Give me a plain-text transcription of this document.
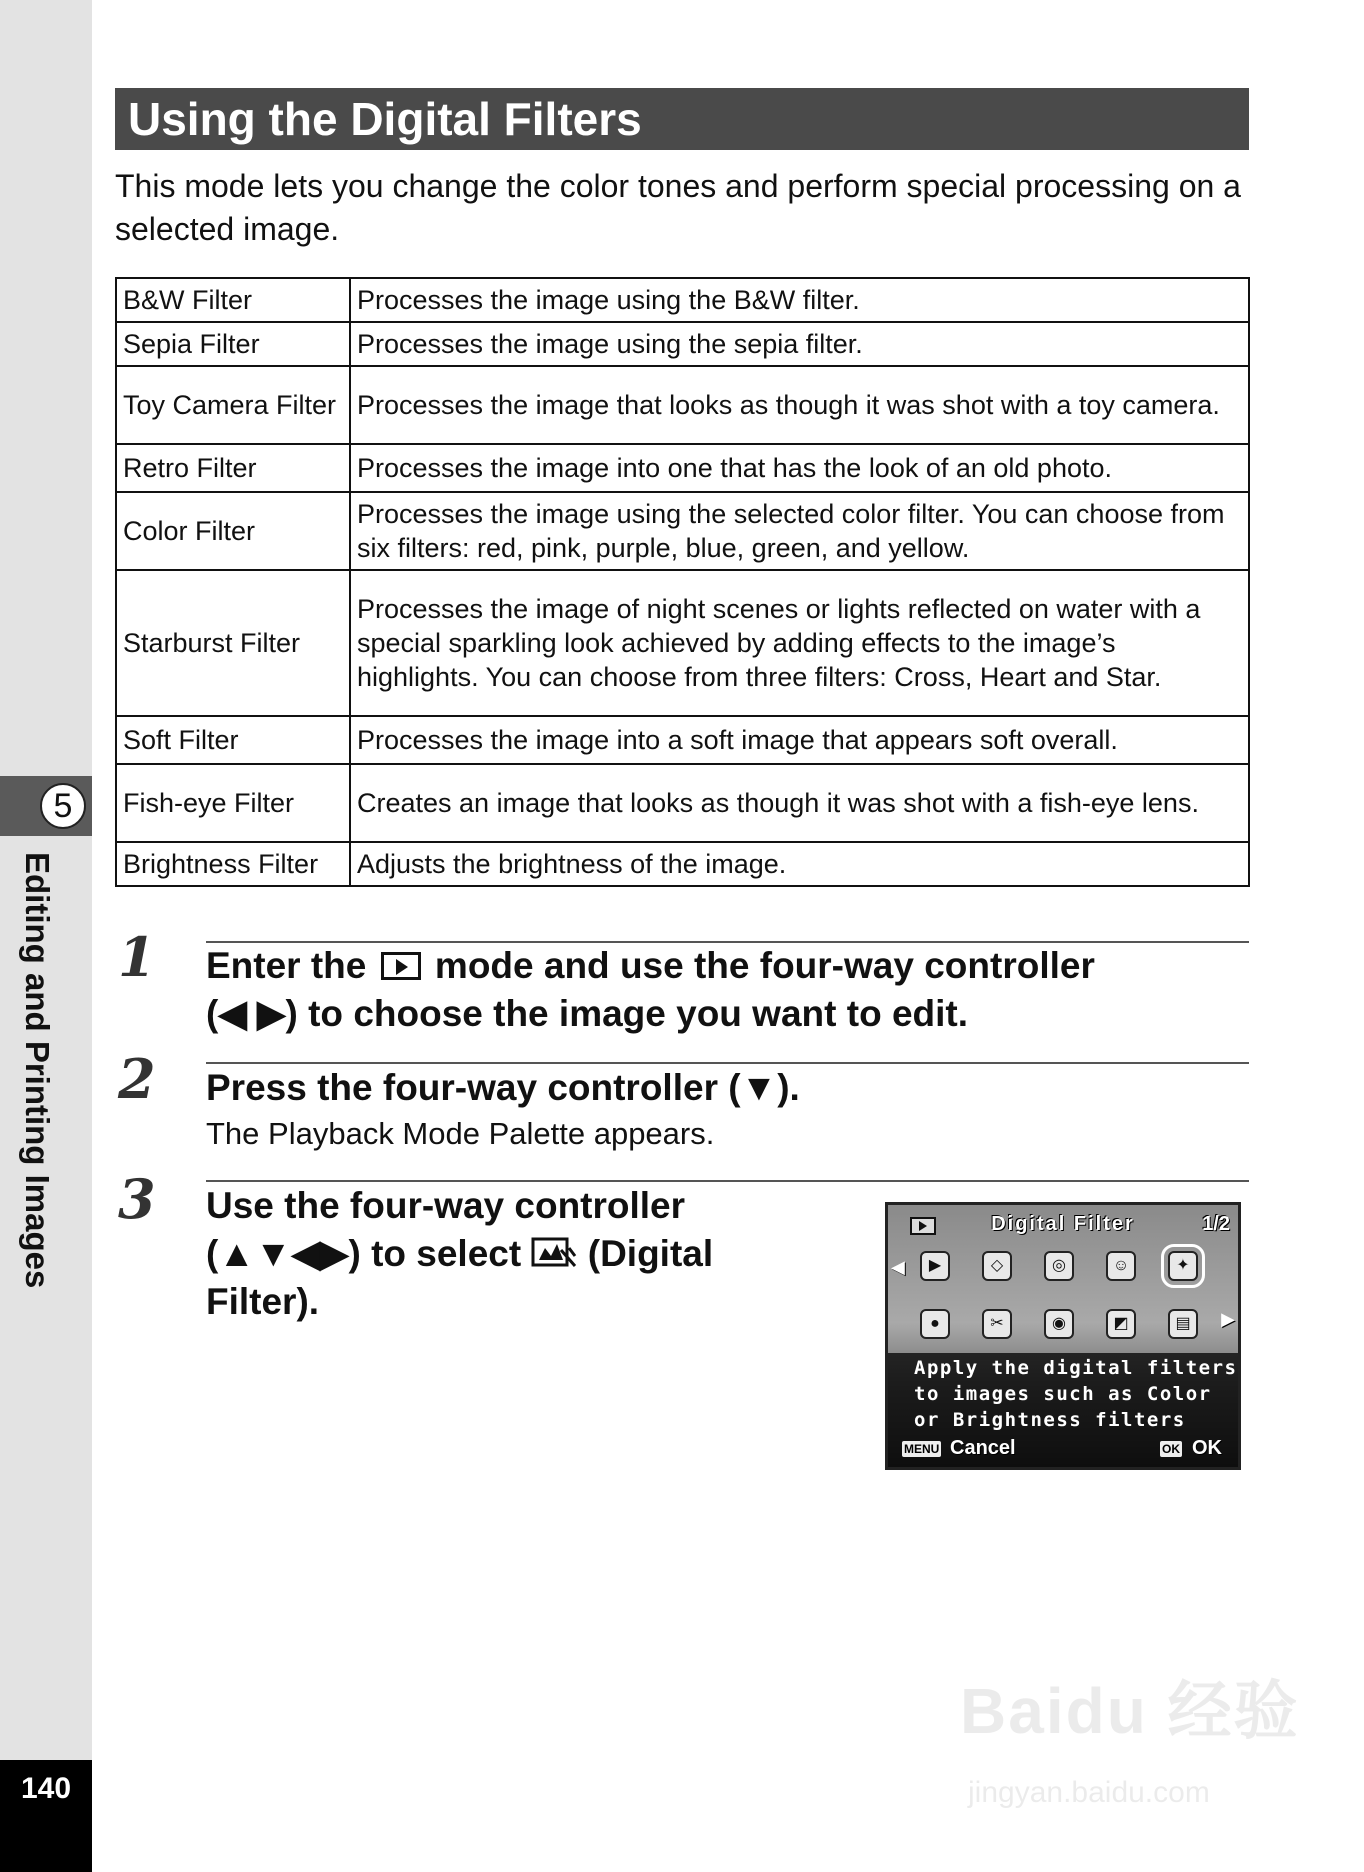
5
Editing and Printing Images
140
Using the Digital Filters
This mode lets you change the color tones and perform special processing on a selected image.
B&W Filter	Processes the image using the B&W filter.
Sepia Filter	Processes the image using the sepia filter.
Toy Camera Filter	Processes the image that looks as though it was shot with a toy camera.
Retro Filter	Processes the image into one that has the look of an old photo.
Color Filter	Processes the image using the selected color filter. You can choose from six filters: red, pink, purple, blue, green, and yellow.
Starburst Filter	Processes the image of night scenes or lights reflected on water with a special sparkling look achieved by adding effects to the image’s highlights. You can choose from three filters: Cross, Heart and Star.
Soft Filter	Processes the image into a soft image that appears soft overall.
Fish-eye Filter	Creates an image that looks as though it was shot with a fish-eye lens.
Brightness Filter	Adjusts the brightness of the image.
1 Enter the mode and use the four-way controller
(◀ ▶) to choose the image you want to edit.
2 Press the four-way controller (▼).
The Playback Mode Palette appears.
3 Use the four-way controller
(▲▼◀▶) to select (Digital
Filter).
Digital Filter	1/2
◀
▶
▶	◇	◎	☺	✦
●	✂	◉	◩	▤
Apply the digital filters
to images such as Color
or Brightness filters
MENU Cancel	OK OK
Baidu 经验
jingyan.baidu.com
